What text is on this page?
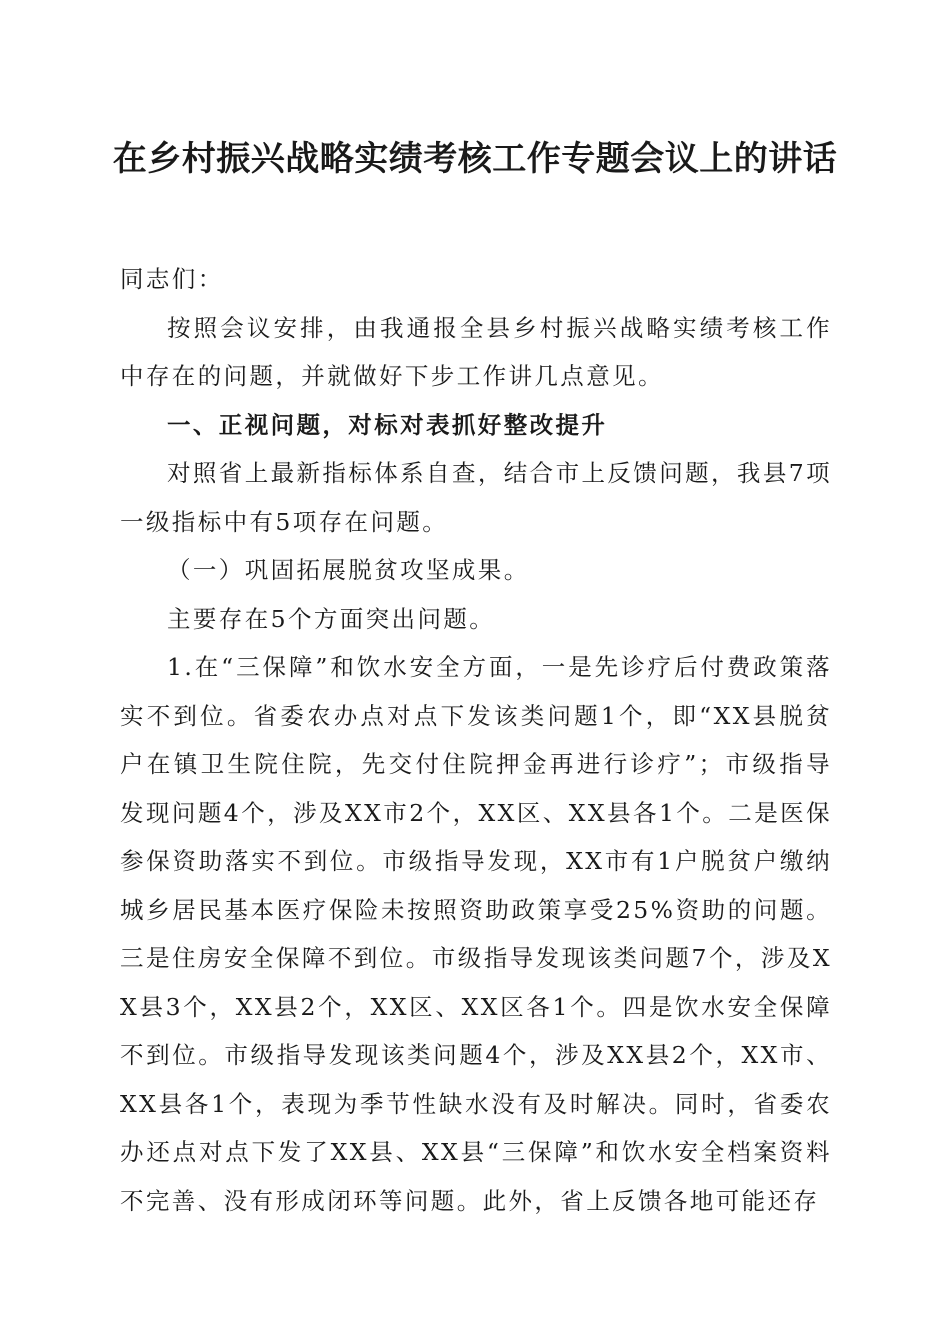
在乡村振兴战略实绩考核工作专题会议上的讲话

同志们：

按照会议安排，由我通报全县乡村振兴战略实绩考核工作中存在的问题，并就做好下步工作讲几点意见。

一、正视问题，对标对表抓好整改提升

对照省上最新指标体系自查，结合市上反馈问题，我县7项一级指标中有5项存在问题。

（一）巩固拓展脱贫攻坚成果。

主要存在5个方面突出问题。

1.在“三保障”和饮水安全方面，一是先诊疗后付费政策落实不到位。省委农办点对点下发该类问题1个，即“XX县脱贫户在镇卫生院住院，先交付住院押金再进行诊疗”；市级指导发现问题4个，涉及XX市2个，XX区、XX县各1个。二是医保参保资助落实不到位。市级指导发现，XX市有1户脱贫户缴纳城乡居民基本医疗保险未按照资助政策享受25%资助的问题。三是住房安全保障不到位。市级指导发现该类问题7个，涉及XX县3个，XX县2个，XX区、XX区各1个。四是饮水安全保障不到位。市级指导发现该类问题4个，涉及XX县2个，XX市、XX县各1个，表现为季节性缺水没有及时解决。同时，省委农办还点对点下发了XX县、XX县“三保障”和饮水安全档案资料不完善、没有形成闭环等问题。此外，省上反馈各地可能还存
